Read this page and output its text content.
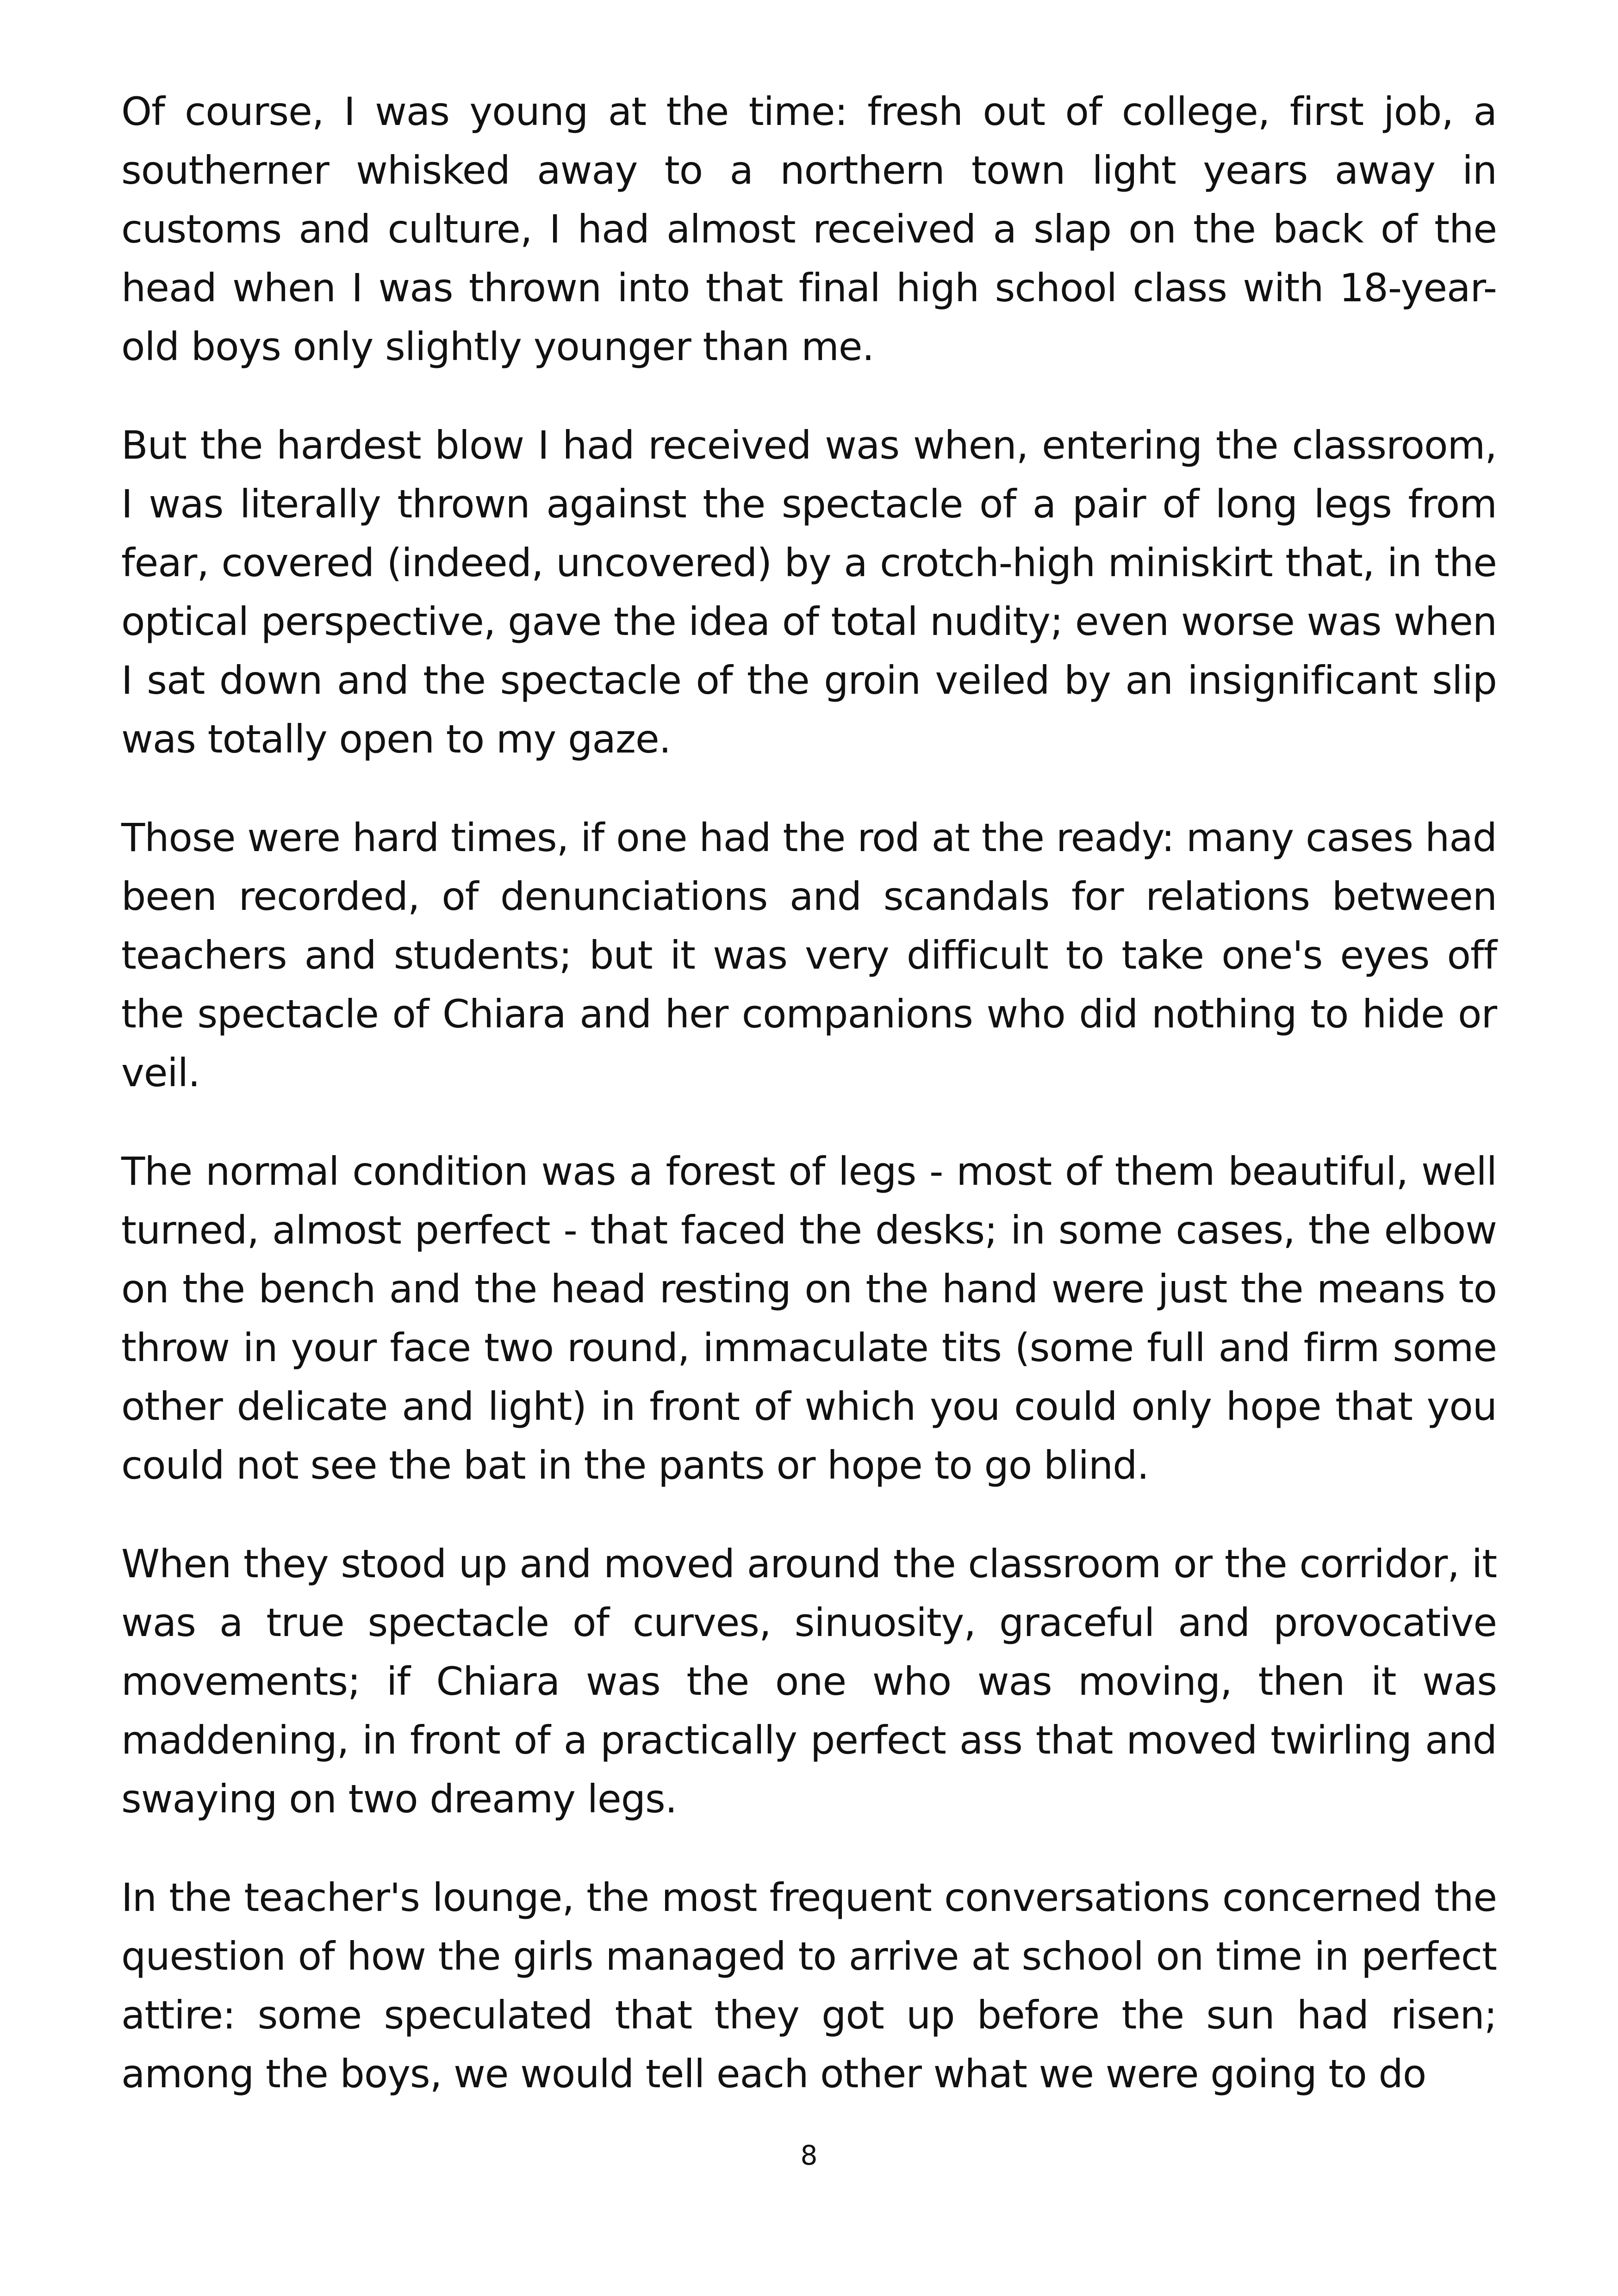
Of course, I was young at the time: fresh out of college, first job, a southerner whisked away to a northern town light years away in customs and culture, I had almost received a slap on the back of the head when I was thrown into that final high school class with 18-year-old boys only slightly younger than me.

But the hardest blow I had received was when, entering the classroom, I was literally thrown against the spectacle of a pair of long legs from fear, covered (indeed, uncovered) by a crotch-high miniskirt that, in the optical perspective, gave the idea of total nudity; even worse was when I sat down and the spectacle of the groin veiled by an insignificant slip was totally open to my gaze.

Those were hard times, if one had the rod at the ready: many cases had been recorded, of denunciations and scandals for relations between teachers and students; but it was very difficult to take one's eyes off the spectacle of Chiara and her companions who did nothing to hide or veil.

The normal condition was a forest of legs - most of them beautiful, well turned, almost perfect - that faced the desks; in some cases, the elbow on the bench and the head resting on the hand were just the means to throw in your face two round, immaculate tits (some full and firm some other delicate and light) in front of which you could only hope that you could not see the bat in the pants or hope to go blind.

When they stood up and moved around the classroom or the corridor, it was a true spectacle of curves, sinuosity, graceful and provocative movements; if Chiara was the one who was moving, then it was maddening, in front of a practically perfect ass that moved twirling and swaying on two dreamy legs.

In the teacher's lounge, the most frequent conversations concerned the question of how the girls managed to arrive at school on time in perfect attire: some speculated that they got up before the sun had risen; among the boys, we would tell each other what we were going to do

8
